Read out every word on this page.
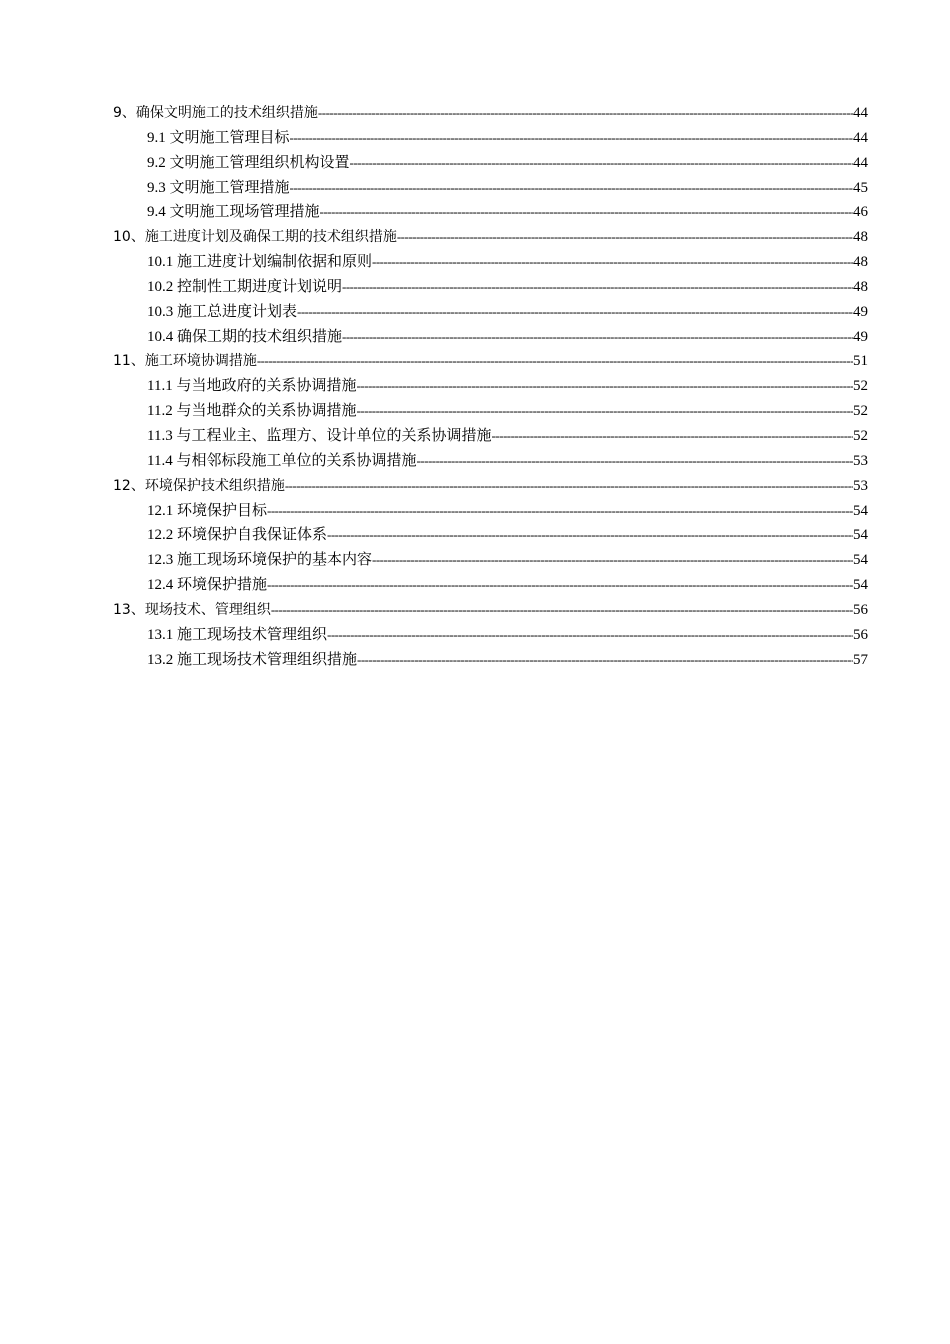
9、确保文明施工的技术组织措施 -----	44
9.1 文明施工管理目标 -----	44
9.2 文明施工管理组织机构设置 -----	44
9.3 文明施工管理措施 -----	45
9.4 文明施工现场管理措施 -----	46
10、施工进度计划及确保工期的技术组织措施 -----	48
10.1 施工进度计划编制依据和原则 -----	48
10.2 控制性工期进度计划说明 -----	48
10.3 施工总进度计划表 -----	49
10.4 确保工期的技术组织措施 -----	49
11、施工环境协调措施 -----	51
11.1 与当地政府的关系协调措施 -----	52
11.2 与当地群众的关系协调措施 -----	52
11.3 与工程业主、监理方、设计单位的关系协调措施 -----	52
11.4 与相邻标段施工单位的关系协调措施 -----	53
12、环境保护技术组织措施 -----	53
12.1 环境保护目标 -----	54
12.2 环境保护自我保证体系 -----	54
12.3 施工现场环境保护的基本内容 -----	54
12.4 环境保护措施 -----	54
13、现场技术、管理组织 -----	56
13.1 施工现场技术管理组织 -----	56
13.2 施工现场技术管理组织措施 -----	57
